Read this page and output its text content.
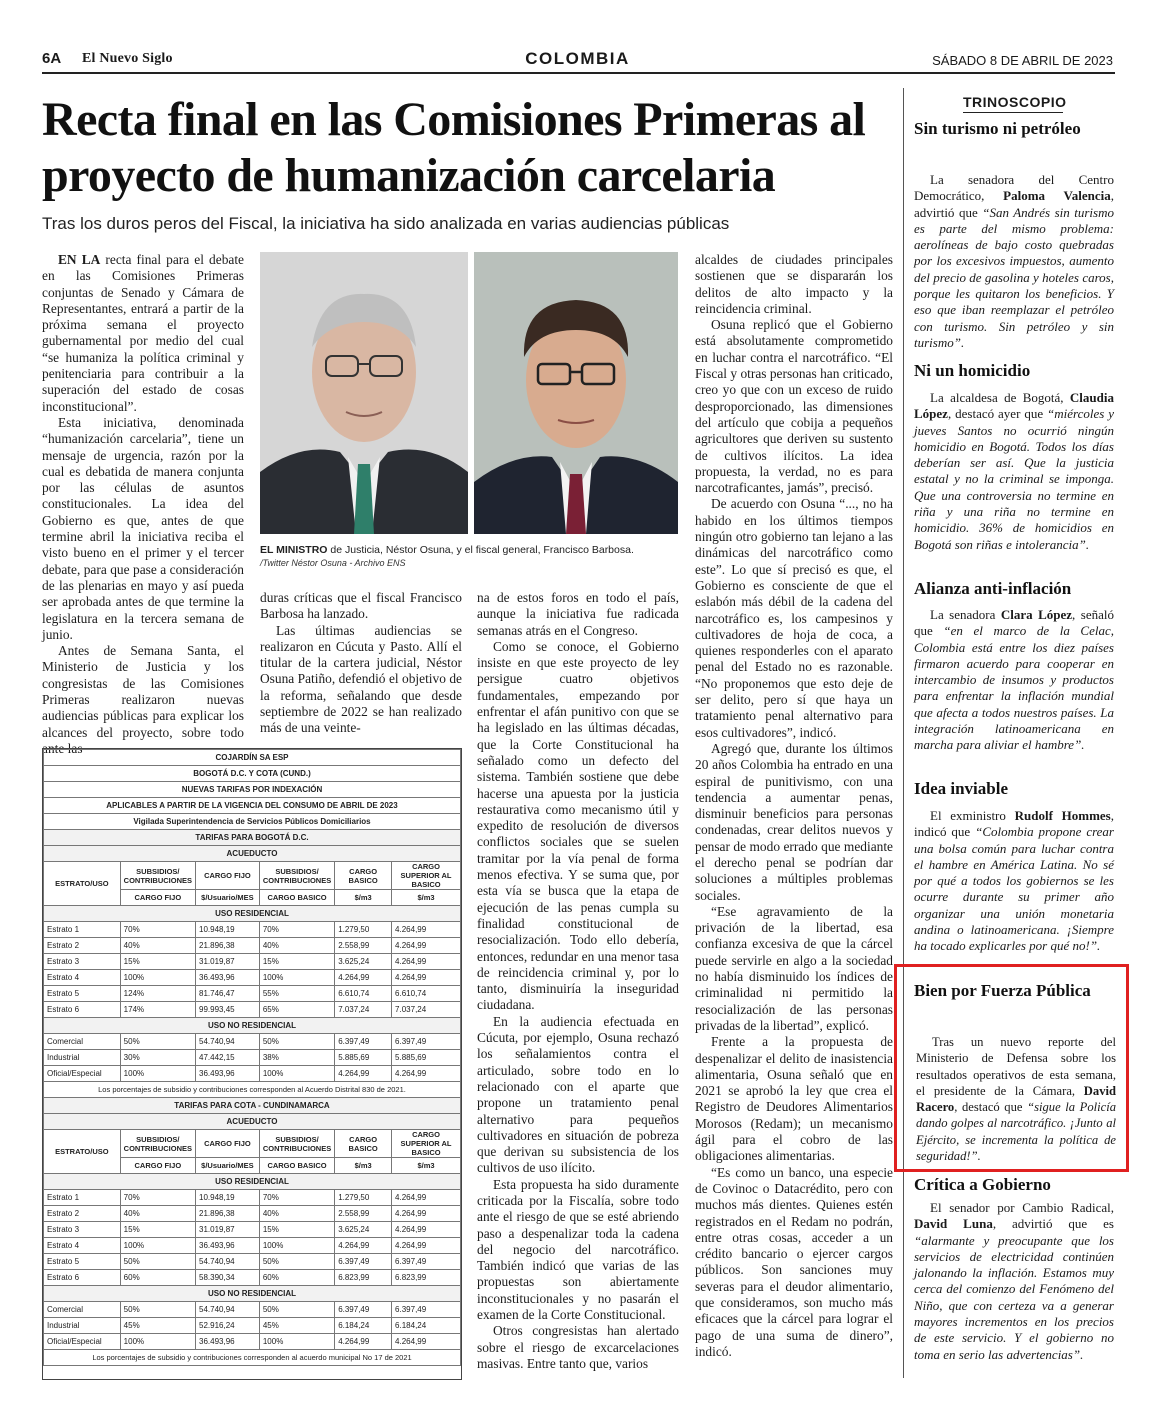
6A El Nuevo Siglo	COLOMBIA	SÁBADO 8 DE ABRIL DE 2023
Recta final en las Comisiones Primeras al proyecto de humanización carcelaria
Tras los duros peros del Fiscal, la iniciativa ha sido analizada en varias audiencias públicas

EN LA recta final para el debate en las Comisiones Primeras conjuntas de Senado y Cámara de Representantes, entrará a partir de la próxima semana el proyecto gubernamental por medio del cual “se humaniza la política criminal y penitenciaria para contribuir a la superación del estado de cosas inconstitucional”.

Esta iniciativa, denominada “humanización carcelaria”, tiene un mensaje de urgencia, razón por la cual es debatida de manera conjunta por las células de asuntos constitucionales. La idea del Gobierno es que, antes de que termine abril la iniciativa reciba el visto bueno en el primer y el tercer debate, para que pase a consideración de las plenarias en mayo y así pueda ser aprobada antes de que termine la legislatura en la tercera semana de junio.

Antes de Semana Santa, el Ministerio de Justicia y los congresistas de las Comisiones Primeras realizaron nuevas audiencias públicas para explicar los alcances del proyecto, sobre todo ante las

EL MINISTRO de Justicia, Néstor Osuna, y el fiscal general, Francisco Barbosa.
/Twitter Néstor Osuna - Archivo ENS

duras críticas que el fiscal Francisco Barbosa ha lanzado.

Las últimas audiencias se realizaron en Cúcuta y Pasto. Allí el titular de la cartera judicial, Néstor Osuna Patiño, defendió el objetivo de la reforma, señalando que desde septiembre de 2022 se han realizado más de una veinte-

na de estos foros en todo el país, aunque la iniciativa fue radicada semanas atrás en el Congreso.

Como se conoce, el Gobierno insiste en que este proyecto de ley persigue cuatro objetivos fundamentales, empezando por enfrentar el afán punitivo con que se ha legislado en las últimas décadas, que la Corte Constitucional ha señalado como un defecto del sistema. También sostiene que debe hacerse una apuesta por la justicia restaurativa como mecanismo útil y expedito de resolución de diversos conflictos sociales que se suelen tramitar por la vía penal de forma menos efectiva. Y se suma que, por esta vía se busca que la etapa de ejecución de las penas cumpla su finalidad constitucional de resocialización. Todo ello debería, entonces, redundar en una menor tasa de reincidencia criminal y, por lo tanto, disminuiría la inseguridad ciudadana.

En la audiencia efectuada en Cúcuta, por ejemplo, Osuna rechazó los señalamientos contra el articulado, sobre todo en lo relacionado con el aparte que propone un tratamiento penal alternativo para pequeños cultivadores en situación de pobreza que derivan su subsistencia de los cultivos de uso ilícito.

Esta propuesta ha sido duramente criticada por la Fiscalía, sobre todo ante el riesgo de que se esté abriendo paso a despenalizar toda la cadena del negocio del narcotráfico. También indicó que varias de las propuestas son abiertamente inconstitucionales y no pasarán el examen de la Corte Constitucional.

Otros congresistas han alertado sobre el riesgo de excarcelaciones masivas. Entre tanto que, varios

alcaldes de ciudades principales sostienen que se dispararán los delitos de alto impacto y la reincidencia criminal.

Osuna replicó que el Gobierno está absolutamente comprometido en luchar contra el narcotráfico. “El Fiscal y otras personas han criticado, creo yo que con un exceso de ruido desproporcionado, las dimensiones del artículo que cobija a pequeños agricultores que deriven su sustento de cultivos ilícitos. La idea propuesta, la verdad, no es para narcotraficantes, jamás”, precisó.

De acuerdo con Osuna “..., no ha habido en los últimos tiempos ningún otro gobierno tan lejano a las dinámicas del narcotráfico como este”. Lo que sí precisó es que, el Gobierno es consciente de que el eslabón más débil de la cadena del narcotráfico es, los campesinos y cultivadores de hoja de coca, a quienes responderles con el aparato penal del Estado no es razonable. “No proponemos que esto deje de ser delito, pero sí que haya un tratamiento penal alternativo para esos cultivadores”, indicó.

Agregó que, durante los últimos 20 años Colombia ha entrado en una espiral de punitivismo, con una tendencia a aumentar penas, disminuir beneficios para personas condenadas, crear delitos nuevos y pensar de modo errado que mediante el derecho penal se podrían dar soluciones a múltiples problemas sociales.

“Ese agravamiento de la privación de la libertad, esa confianza excesiva de que la cárcel puede servirle en algo a la sociedad no había disminuido los índices de criminalidad ni permitido la resocialización de las personas privadas de la libertad”, explicó.

Frente a la propuesta de despenalizar el delito de inasistencia alimentaria, Osuna señaló que en 2021 se aprobó la ley que crea el Registro de Deudores Alimentarios Morosos (Redam); un mecanismo ágil para el cobro de las obligaciones alimentarias.

“Es como un banco, una especie de Covinoc o Datacrédito, pero con muchos más dientes. Quienes estén registrados en el Redam no podrán, entre otras cosas, acceder a un crédito bancario o ejercer cargos públicos. Son sanciones muy severas para el deudor alimentario, que consideramos, son mucho más eficaces que la cárcel para lograr el pago de una suma de dinero”, indicó.

COJARDÍN SA ESP					
BOGOTÁ D.C. Y COTA (CUND.)					
NUEVAS TARIFAS POR INDEXACIÓN					
APLICABLES A PARTIR DE LA VIGENCIA DEL CONSUMO DE ABRIL DE 2023					
Vigilada Superintendencia de Servicios Públicos Domiciliarios					
TARIFAS PARA BOGOTÁ D.C.					
ACUEDUCTO					
ESTRATO/USO	SUBSIDIOS/ CONTRIBUCIONES	CARGO FIJO	SUBSIDIOS/ CONTRIBUCIONES	CARGO BASICO	CARGO SUPERIOR AL BASICO
	CARGO FIJO	$/Usuario/MES	CARGO BASICO	$/m3	$/m3
USO RESIDENCIAL					
Estrato 1	70%	10.948,19	70%	1.279,50	4.264,99
Estrato 2	40%	21.896,38	40%	2.558,99	4.264,99
Estrato 3	15%	31.019,87	15%	3.625,24	4.264,99
Estrato 4	100%	36.493,96	100%	4.264,99	4.264,99
Estrato 5	124%	81.746,47	55%	6.610,74	6.610,74
Estrato 6	174%	99.993,45	65%	7.037,24	7.037,24
USO NO RESIDENCIAL					
Comercial	50%	54.740,94	50%	6.397,49	6.397,49
Industrial	30%	47.442,15	38%	5.885,69	5.885,69
Oficial/Especial	100%	36.493,96	100%	4.264,99	4.264,99
Los porcentajes de subsidio y contribuciones corresponden al Acuerdo Distrital 830 de 2021.					
TARIFAS PARA COTA - CUNDINAMARCA					
ACUEDUCTO					
ESTRATO/USO	SUBSIDIOS/ CONTRIBUCIONES	CARGO FIJO	SUBSIDIOS/ CONTRIBUCIONES	CARGO BASICO	CARGO SUPERIOR AL BASICO
	CARGO FIJO	$/Usuario/MES	CARGO BASICO	$/m3	$/m3
USO RESIDENCIAL					
Estrato 1	70%	10.948,19	70%	1.279,50	4.264,99
Estrato 2	40%	21.896,38	40%	2.558,99	4.264,99
Estrato 3	15%	31.019,87	15%	3.625,24	4.264,99
Estrato 4	100%	36.493,96	100%	4.264,99	4.264,99
Estrato 5	50%	54.740,94	50%	6.397,49	6.397,49
Estrato 6	60%	58.390,34	60%	6.823,99	6.823,99
USO NO RESIDENCIAL					
Comercial	50%	54.740,94	50%	6.397,49	6.397,49
Industrial	45%	52.916,24	45%	6.184,24	6.184,24
Oficial/Especial	100%	36.493,96	100%	4.264,99	4.264,99
Los porcentajes de subsidio y contribuciones corresponden al acuerdo municipal No 17 de 2021					
TRINOSCOPIO
Sin turismo ni petróleo

La senadora del Centro Democrático, Paloma Valencia, advirtió que “San Andrés sin turismo es parte del mismo problema: aerolíneas de bajo costo quebradas por los excesivos impuestos, aumento del precio de gasolina y hoteles caros, porque les quitaron los beneficios. Y eso que iban reemplazar el petróleo con turismo. Sin petróleo y sin turismo”.

Ni un homicidio

La alcaldesa de Bogotá, Claudia López, destacó ayer que “miércoles y jueves Santos no ocurrió ningún homicidio en Bogotá. Todos los días deberían ser así. Que la justicia estatal y no la criminal se imponga. Que una controversia no termine en riña y una riña no termine en homicidio. 36% de homicidios en Bogotá son riñas e intolerancia”.

Alianza anti-inflación

La senadora Clara López, señaló que “en el marco de la Celac, Colombia está entre los diez países firmaron acuerdo para cooperar en intercambio de insumos y productos para enfrentar la inflación mundial que afecta a todos nuestros países. La integración latinoamericana en marcha para aliviar el hambre”.

Idea inviable

El exministro Rudolf Hommes, indicó que “Colombia propone crear una bolsa común para luchar contra el hambre en América Latina. No sé por qué a todos los gobiernos se les ocurre durante su primer año organizar una unión monetaria andina o latinoamericana. ¡Siempre ha tocado explicarles por qué no!”.

Bien por Fuerza Pública

Tras un nuevo reporte del Ministerio de Defensa sobre los resultados operativos de esta semana, el presidente de la Cámara, David Racero, destacó que “sigue la Policía dando golpes al narcotráfico. ¡Junto al Ejército, se incrementa la política de seguridad!”.

Crítica a Gobierno

El senador por Cambio Radical, David Luna, advirtió que es “alarmante y preocupante que los servicios de electricidad continúen jalonando la inflación. Estamos muy cerca del comienzo del Fenómeno del Niño, que con certeza va a generar mayores incrementos en los precios de este servicio. Y el gobierno no toma en serio las advertencias”.
